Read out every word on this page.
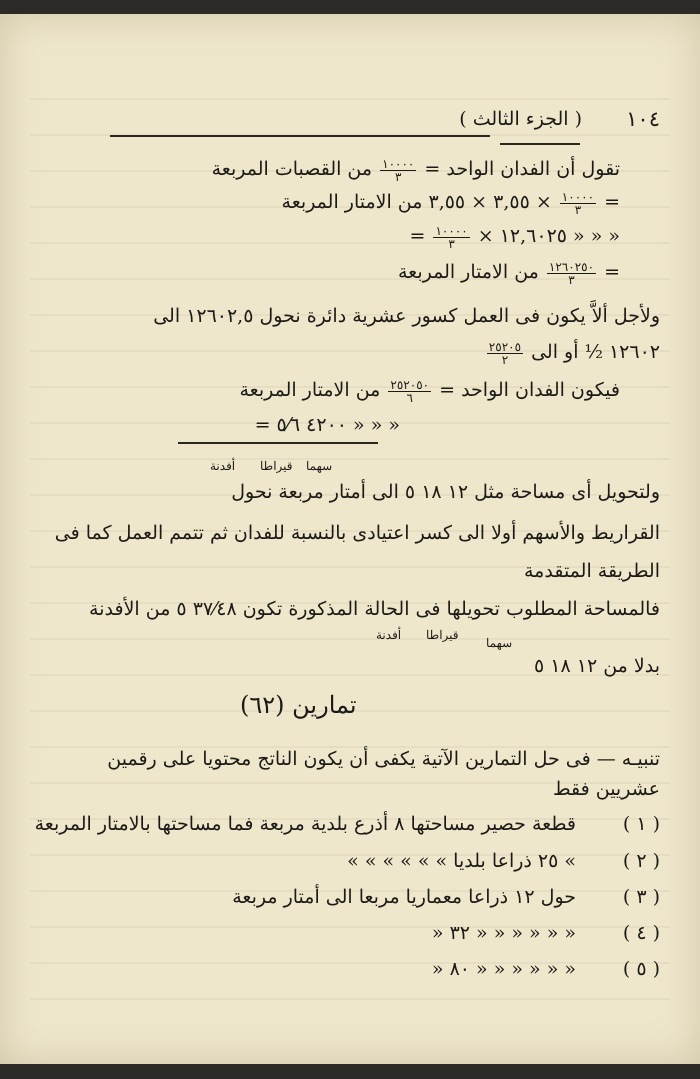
( الجزء الثالث ) ١٠٤
تقول أن الفدان الواحد =
$\frac{١٠٠٠٠}{٣}$
من القصبات المربعة
=
$\frac{١٠٠٠٠}{٣}$
× ٣,٥٥ × ٣,٥٥ من الامتار المربعة
= $\frac{١٠٠٠٠}{٣}$ × ١٢,٦٠٢٥ » » »
=
$\frac{١٢٦٠٢٥٠}{٣}$
من الامتار المربعة
ولأجل ألاَّ يكون فى العمل كسور عشرية دائرة نحول ١٢٦٠٢,٥ الى
١٢٦٠٢ ½ أو الى
$\frac{٢٥٢٠٥}{٢}$
فيكون الفدان الواحد =
$\frac{٢٥٢٠٥٠}{٦}$
من الامتار المربعة
= ٤٢٠٠ ٥⁄٦ » » »
سهما
قيراطا
أفدنة
ولتحويل أى مساحة مثل ١٢ ١٨ ٥ الى أمتار مربعة نحول
القراريط والأسهم أولا الى كسر اعتيادى بالنسبة للفدان ثم تتمم العمل كما فى
الطريقة المتقدمة
فالمساحة المطلوب تحويلها فى الحالة المذكورة تكون ٣٧⁄٤٨ ٥ من الأفدنة
سهما
قيراطا
أفدنة
بدلا من ١٢ ١٨ ٥
تمارين (٦٢)
تنبيـه — فى حل التمارين الآتية يكفى أن يكون الناتج محتويا على رقمين
عشريين فقط
قطعة حصير مساحتها ٨ أذرع بلدية مربعة فما مساحتها بالامتار المربعة ( ١ )
» ٢٥ ذراعا بلديا » » » » » » ( ٢ )
حول ١٢ ذراعا معماريا مربعا الى أمتار مربعة ( ٣ )
» ٣٢ » » » » » » ( ٤ )
» ٨٠ » » » » » » ( ٥ )
